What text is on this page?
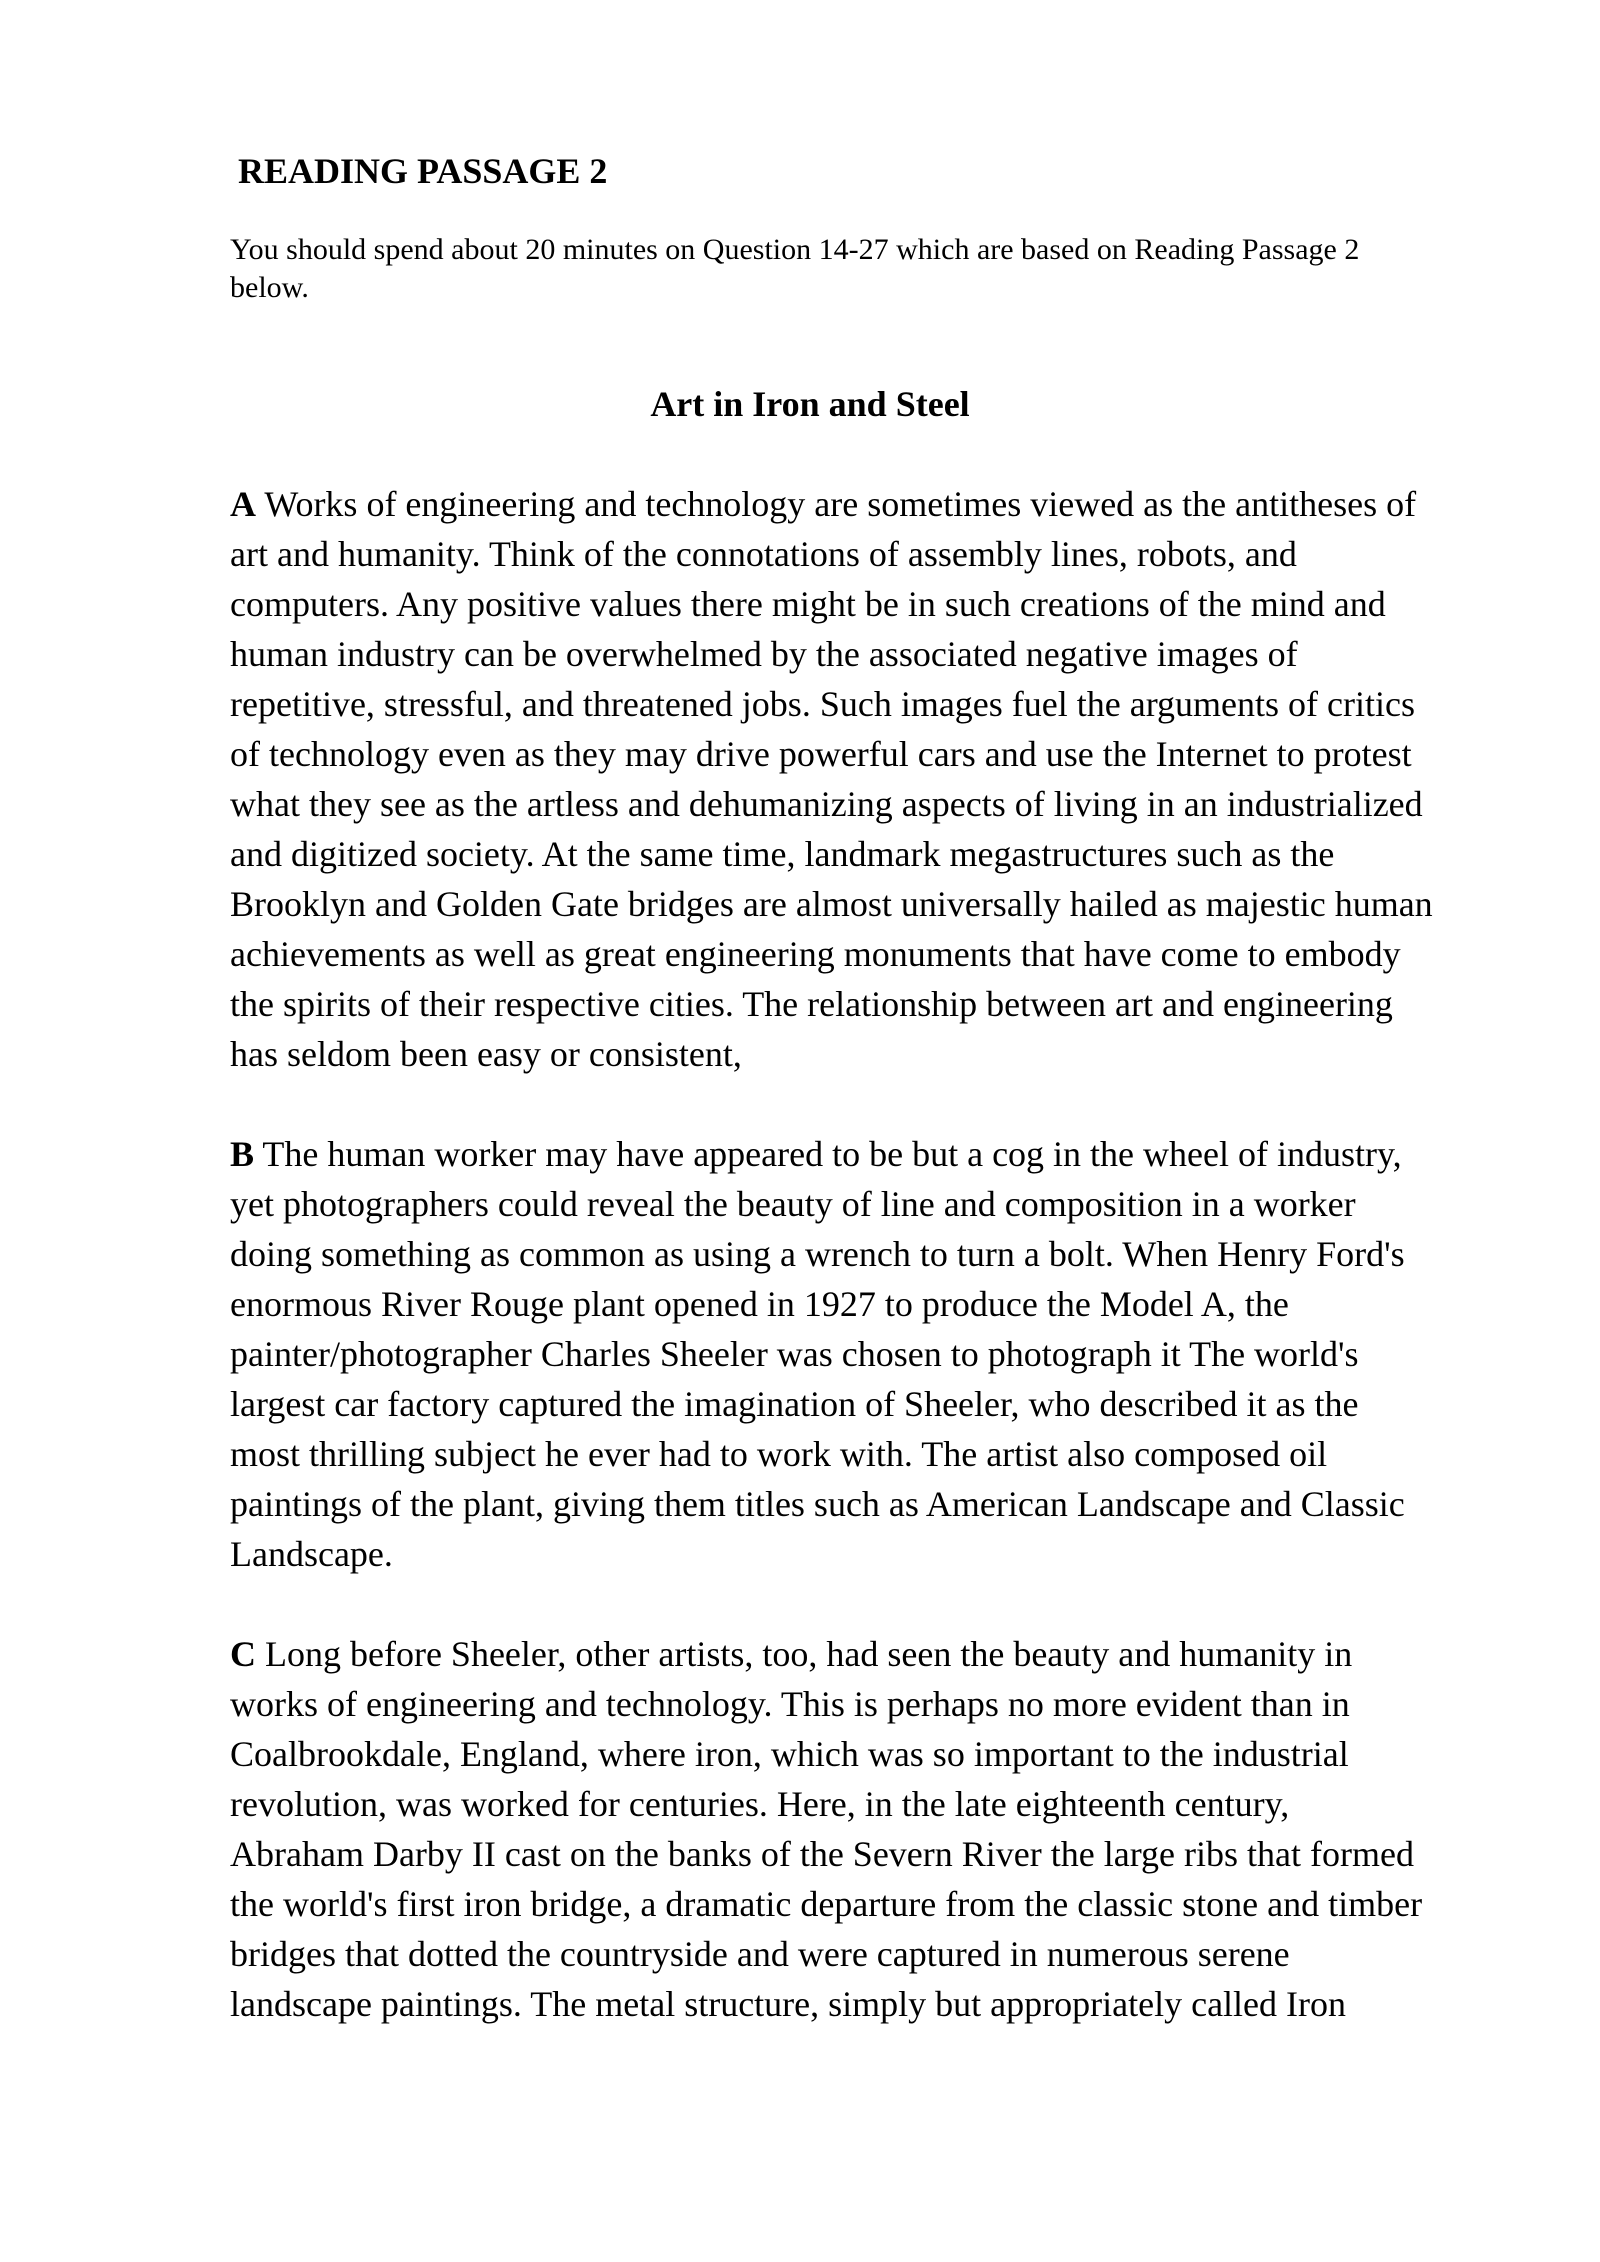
READING PASSAGE 2
You should spend about 20 minutes on Question 14-27 which are based on Reading Passage 2
below.
Art in Iron and Steel
A Works of engineering and technology are sometimes viewed as the antitheses of
art and humanity. Think of the connotations of assembly lines, robots, and
computers. Any positive values there might be in such creations of the mind and
human industry can be overwhelmed by the associated negative images of
repetitive, stressful, and threatened jobs. Such images fuel the arguments of critics
of technology even as they may drive powerful cars and use the Internet to protest
what they see as the artless and dehumanizing aspects of living in an industrialized
and digitized society. At the same time, landmark megastructures such as the
Brooklyn and Golden Gate bridges are almost universally hailed as majestic human
achievements as well as great engineering monuments that have come to embody
the spirits of their respective cities. The relationship between art and engineering
has seldom been easy or consistent,
B The human worker may have appeared to be but a cog in the wheel of industry,
yet photographers could reveal the beauty of line and composition in a worker
doing something as common as using a wrench to turn a bolt. When Henry Ford's
enormous River Rouge plant opened in 1927 to produce the Model A, the
painter/photographer Charles Sheeler was chosen to photograph it The world's
largest car factory captured the imagination of Sheeler, who described it as the
most thrilling subject he ever had to work with. The artist also composed oil
paintings of the plant, giving them titles such as American Landscape and Classic
Landscape.
C Long before Sheeler, other artists, too, had seen the beauty and humanity in
works of engineering and technology. This is perhaps no more evident than in
Coalbrookdale, England, where iron, which was so important to the industrial
revolution, was worked for centuries. Here, in the late eighteenth century,
Abraham Darby II cast on the banks of the Severn River the large ribs that formed
the world's first iron bridge, a dramatic departure from the classic stone and timber
bridges that dotted the countryside and were captured in numerous serene
landscape paintings. The metal structure, simply but appropriately called Iron
